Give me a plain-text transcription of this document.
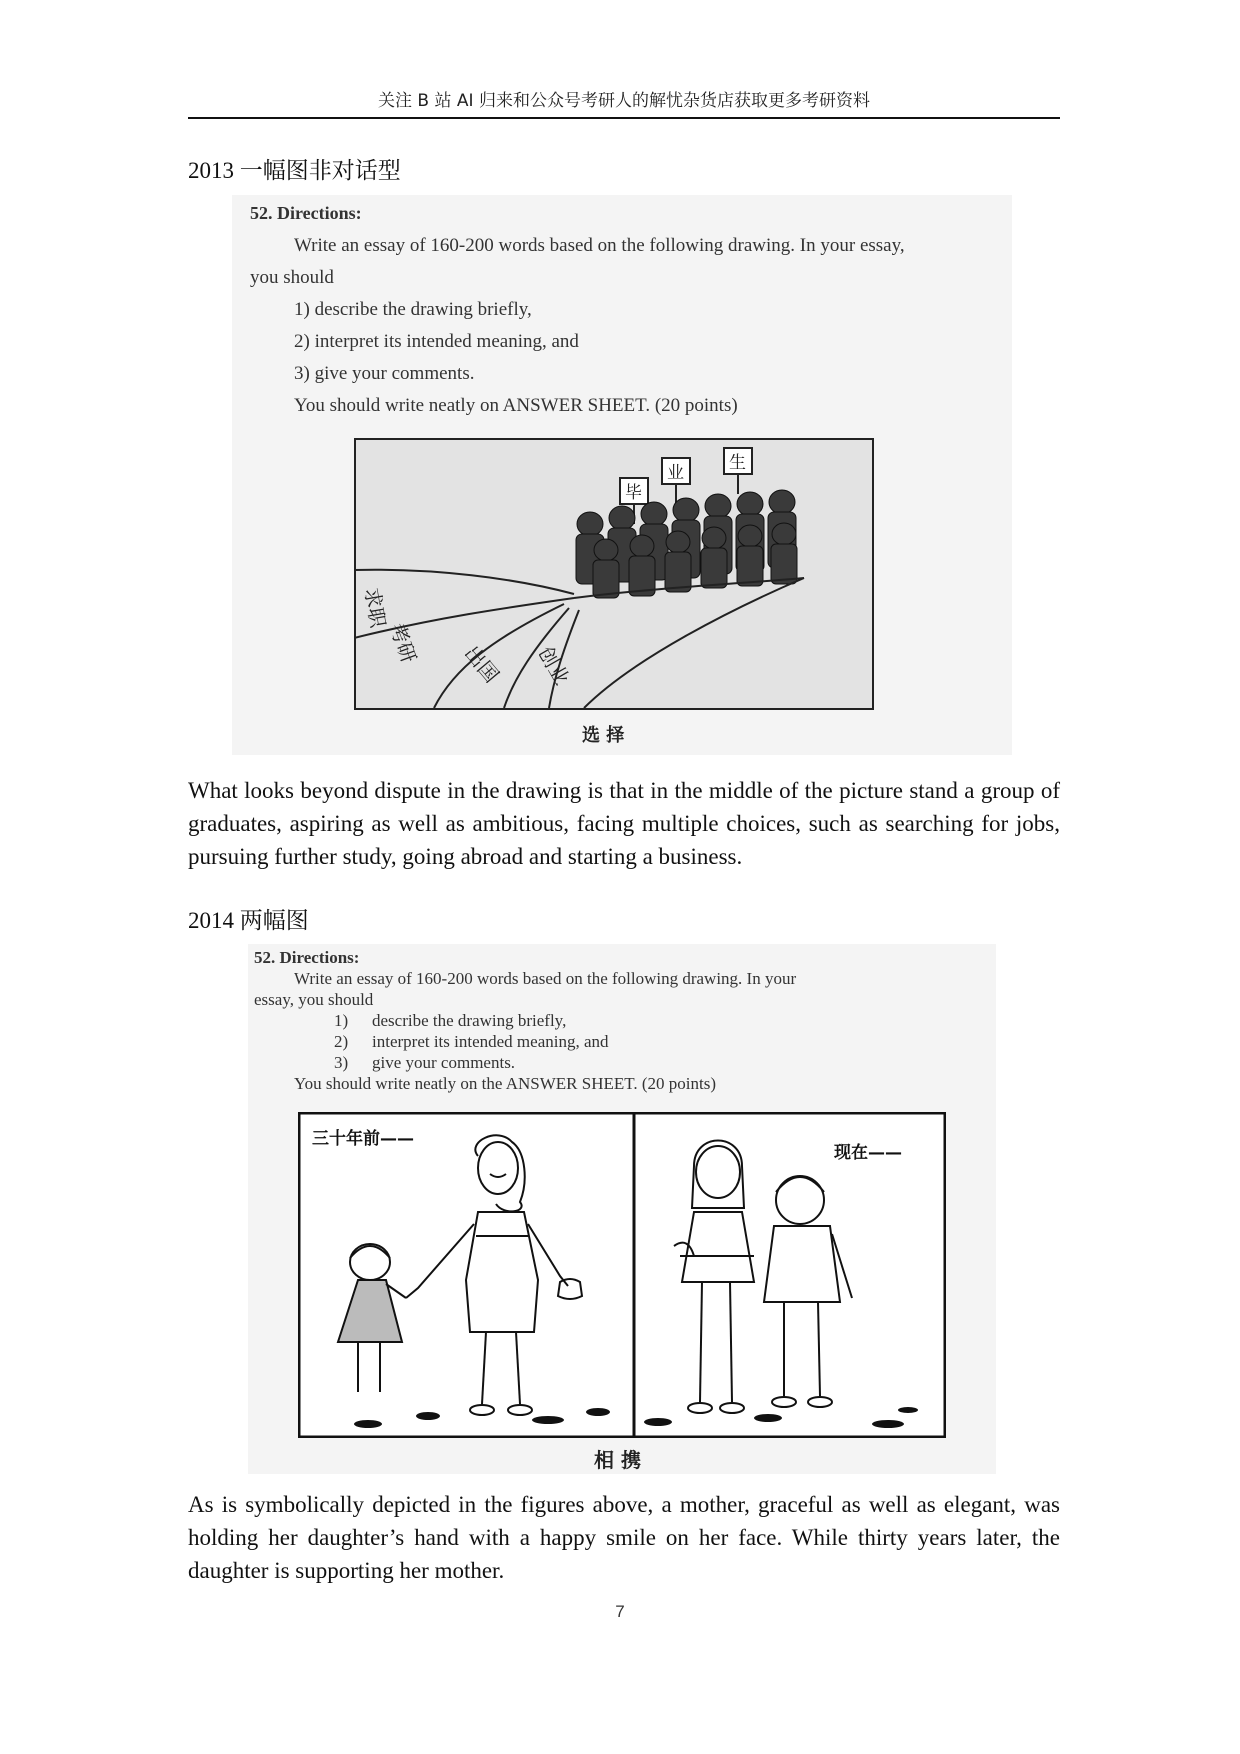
关注 B 站 AI 归来和公众号考研人的解忧杂货店获取更多考研资料
2013 一幅图非对话型
52. Directions:
Write an essay of 160-200 words based on the following drawing. In your essay,
you should
1) describe the drawing briefly,
2) interpret its intended meaning, and
3) give your comments.
You should write neatly on ANSWER SHEET. (20 points)
毕
业	生
求职
考研 出国 创业
选 择
What looks beyond dispute in the drawing is that in the middle of the picture stand a group of graduates, aspiring as well as ambitious, facing multiple choices, such as searching for jobs, pursuing further study, going abroad and starting a business.
2014 两幅图
52. Directions:
Write an essay of 160-200 words based on the following drawing. In your
essay, you should
1) describe the drawing briefly,
2) interpret its intended meaning, and
3) give your comments.
You should write neatly on the ANSWER SHEET. (20 points)
三十年前——
现在——
相 携
As is symbolically depicted in the figures above, a mother, graceful as well as elegant, was holding her daughter’s hand with a happy smile on her face. While thirty years later, the daughter is supporting her mother.
7
